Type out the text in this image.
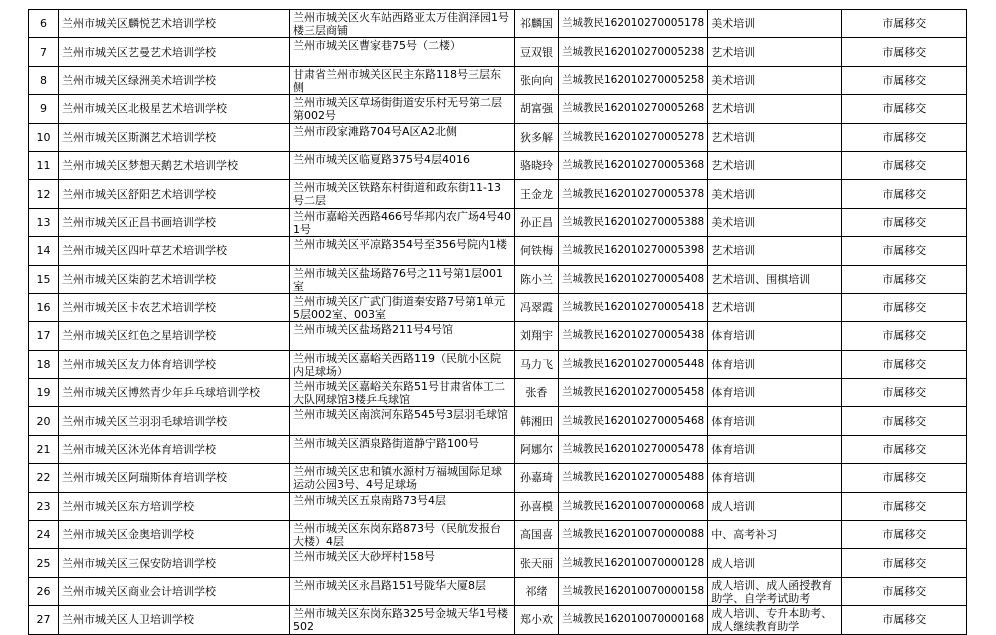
6	兰州市城关区麟悦艺术培训学校	兰州市城关区火车站西路亚太万佳润泽园1号楼三层商铺	祁麟国	兰城教民162010270005178	美术培训	市属移交
7	兰州市城关区艺曼艺术培训学校	兰州市城关区曹家巷75号（二楼）	豆双银	兰城教民162010270005238	艺术培训	市属移交
8	兰州市城关区绿洲美术培训学校	甘肃省兰州市城关区民主东路118号三层东侧	张向向	兰城教民162010270005258	美术培训	市属移交
9	兰州市城关区北极星艺术培训学校	兰州市城关区草场街街道安乐村无号第二层第002号	胡富强	兰城教民162010270005268	艺术培训	市属移交
10	兰州市城关区斯渊艺术培训学校	兰州市段家滩路704号A区A2北侧	狄多解	兰城教民162010270005278	艺术培训	市属移交
11	兰州市城关区梦想天鹅艺术培训学校	兰州市城关区临夏路375号4层4016	骆晓玲	兰城教民162010270005368	艺术培训	市属移交
12	兰州市城关区舒阳艺术培训学校	兰州市城关区铁路东村街道和政东街11-13号二层	王金龙	兰城教民162010270005378	美术培训	市属移交
13	兰州市城关区正昌书画培训学校	兰州市嘉峪关西路466号华邦内农广场4号401号	孙正昌	兰城教民162010270005388	美术培训	市属移交
14	兰州市城关区四叶草艺术培训学校	兰州市城关区平凉路354号至356号院内1楼	何铁梅	兰城教民162010270005398	艺术培训	市属移交
15	兰州市城关区柒韵艺术培训学校	兰州市城关区盐场路76号之11号第1层001室	陈小兰	兰城教民162010270005408	艺术培训、围棋培训	市属移交
16	兰州市城关区卡农艺术培训学校	兰州市城关区广武门街道秦安路7号第1单元5层002室、003室	冯翠霞	兰城教民162010270005418	艺术培训	市属移交
17	兰州市城关区红色之星培训学校	兰州市城关区盐场路211号4号馆	刘翔宇	兰城教民162010270005438	体育培训	市属移交
18	兰州市城关区友力体育培训学校	兰州市城关区嘉峪关西路119（民航小区院内足球场）	马力飞	兰城教民162010270005448	体育培训	市属移交
19	兰州市城关区博然青少年乒乓球培训学校	兰州市城关区嘉峪关东路51号甘肃省体工二大队网球馆3楼乒乓球馆	张香	兰城教民162010270005458	体育培训	市属移交
20	兰州市城关区兰羽羽毛球培训学校	兰州市城关区南滨河东路545号3层羽毛球馆	韩湘田	兰城教民162010270005468	体育培训	市属移交
21	兰州市城关区沐光体育培训学校	兰州市城关区酒泉路街道静宁路100号	阿娜尔	兰城教民162010270005478	体育培训	市属移交
22	兰州市城关区阿瑞斯体育培训学校	兰州市城关区忠和镇水源村万福城国际足球运动公园3号、4号足球场	孙嘉琦	兰城教民162010270005488	体育培训	市属移交
23	兰州市城关区东方培训学校	兰州市城关区五泉南路73号4层	孙喜模	兰城教民162010070000068	成人培训	市属移交
24	兰州市城关区金奥培训学校	兰州市城关区东岗东路873号（民航发报台大楼）4层	高国喜	兰城教民162010070000088	中、高考补习	市属移交
25	兰州市城关区三保安防培训学校	兰州市城关区大砂坪村158号	张天丽	兰城教民162010070000128	成人培训	市属移交
26	兰州市城关区商业会计培训学校	兰州市城关区永昌路151号陇华大厦8层	祁绪	兰城教民162010070000158	成人培训、成人函授教育助学、自学考试助考	市属移交
27	兰州市城关区人卫培训学校	兰州市城关区东岗东路325号金城天华1号楼502	郑小欢	兰城教民162010070000168	成人培训、专升本助考、成人继续教育助学	市属移交
